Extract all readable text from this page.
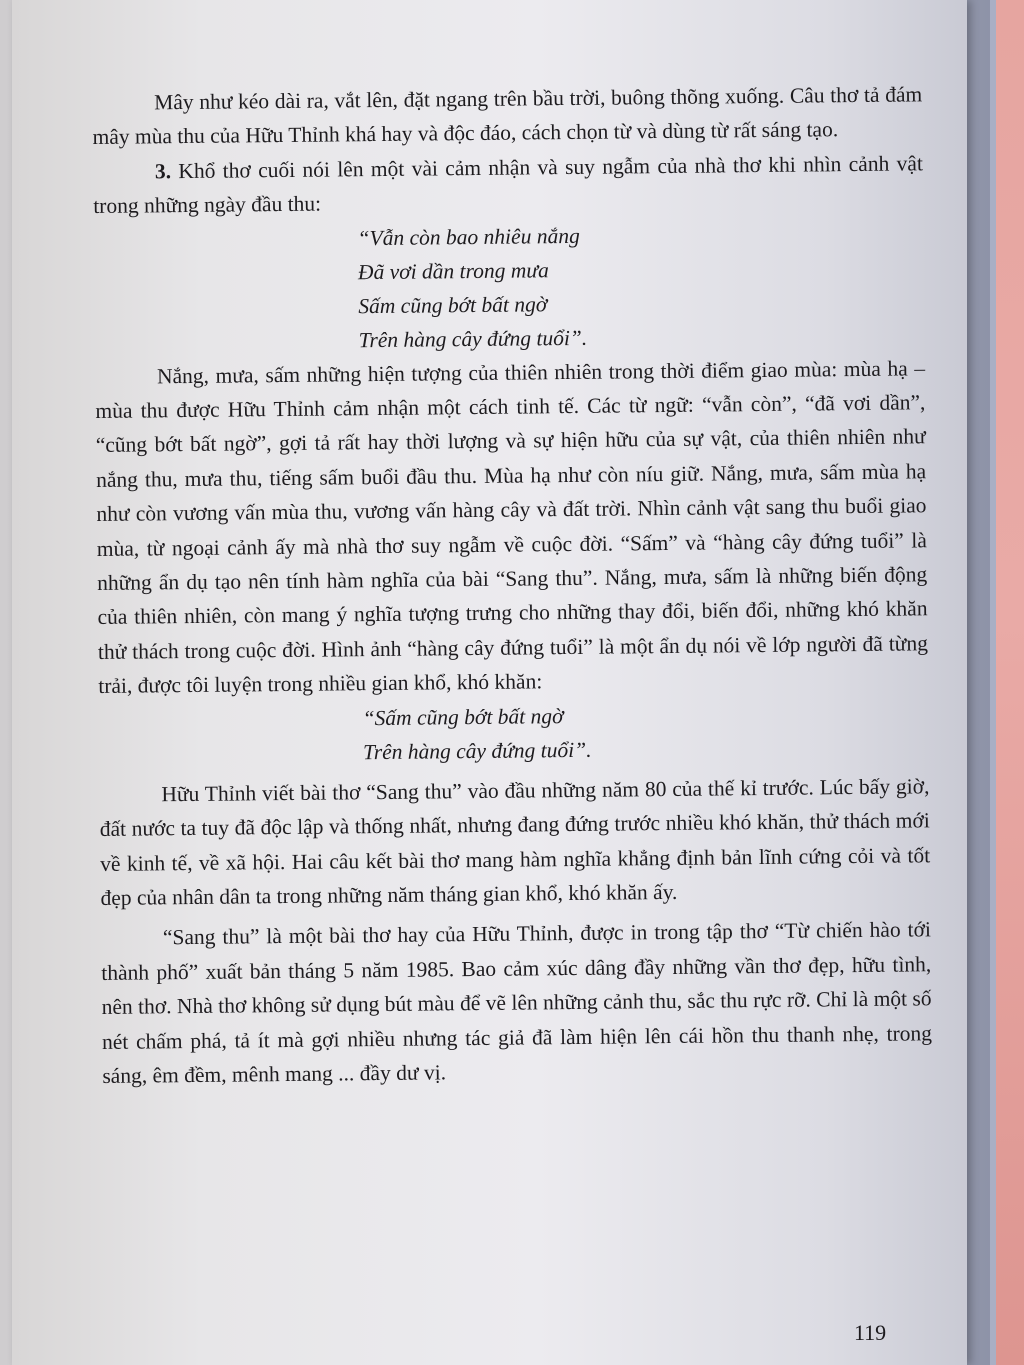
Mây như kéo dài ra, vắt lên, đặt ngang trên bầu trời, buông thõng xuống. Câu thơ tả đám mây mùa thu của Hữu Thỉnh khá hay và độc đáo, cách chọn từ và dùng từ rất sáng tạo.

3. Khổ thơ cuối nói lên một vài cảm nhận và suy ngẫm của nhà thơ khi nhìn cảnh vật trong những ngày đầu thu:

“Vẫn còn bao nhiêu nắng
Đã vơi dần trong mưa
Sấm cũng bớt bất ngờ
Trên hàng cây đứng tuổi”.

Nắng, mưa, sấm những hiện tượng của thiên nhiên trong thời điểm giao mùa: mùa hạ – mùa thu được Hữu Thỉnh cảm nhận một cách tinh tế. Các từ ngữ: “vẫn còn”, “đã vơi dần”, “cũng bớt bất ngờ”, gợi tả rất hay thời lượng và sự hiện hữu của sự vật, của thiên nhiên như nắng thu, mưa thu, tiếng sấm buổi đầu thu. Mùa hạ như còn níu giữ. Nắng, mưa, sấm mùa hạ như còn vương vấn mùa thu, vương vấn hàng cây và đất trời. Nhìn cảnh vật sang thu buổi giao mùa, từ ngoại cảnh ấy mà nhà thơ suy ngẫm về cuộc đời. “Sấm” và “hàng cây đứng tuổi” là những ẩn dụ tạo nên tính hàm nghĩa của bài “Sang thu”. Nắng, mưa, sấm là những biến động của thiên nhiên, còn mang ý nghĩa tượng trưng cho những thay đổi, biến đổi, những khó khăn thử thách trong cuộc đời. Hình ảnh “hàng cây đứng tuổi” là một ẩn dụ nói về lớp người đã từng trải, được tôi luyện trong nhiều gian khổ, khó khăn:

“Sấm cũng bớt bất ngờ
Trên hàng cây đứng tuổi”.

Hữu Thỉnh viết bài thơ “Sang thu” vào đầu những năm 80 của thế kỉ trước. Lúc bấy giờ, đất nước ta tuy đã độc lập và thống nhất, nhưng đang đứng trước nhiều khó khăn, thử thách mới về kinh tế, về xã hội. Hai câu kết bài thơ mang hàm nghĩa khẳng định bản lĩnh cứng cỏi và tốt đẹp của nhân dân ta trong những năm tháng gian khổ, khó khăn ấy.

“Sang thu” là một bài thơ hay của Hữu Thỉnh, được in trong tập thơ “Từ chiến hào tới thành phố” xuất bản tháng 5 năm 1985. Bao cảm xúc dâng đầy những vần thơ đẹp, hữu tình, nên thơ. Nhà thơ không sử dụng bút màu để vẽ lên những cảnh thu, sắc thu rực rỡ. Chỉ là một số nét chấm phá, tả ít mà gợi nhiều nhưng tác giả đã làm hiện lên cái hồn thu thanh nhẹ, trong sáng, êm đềm, mênh mang ... đầy dư vị.

119
